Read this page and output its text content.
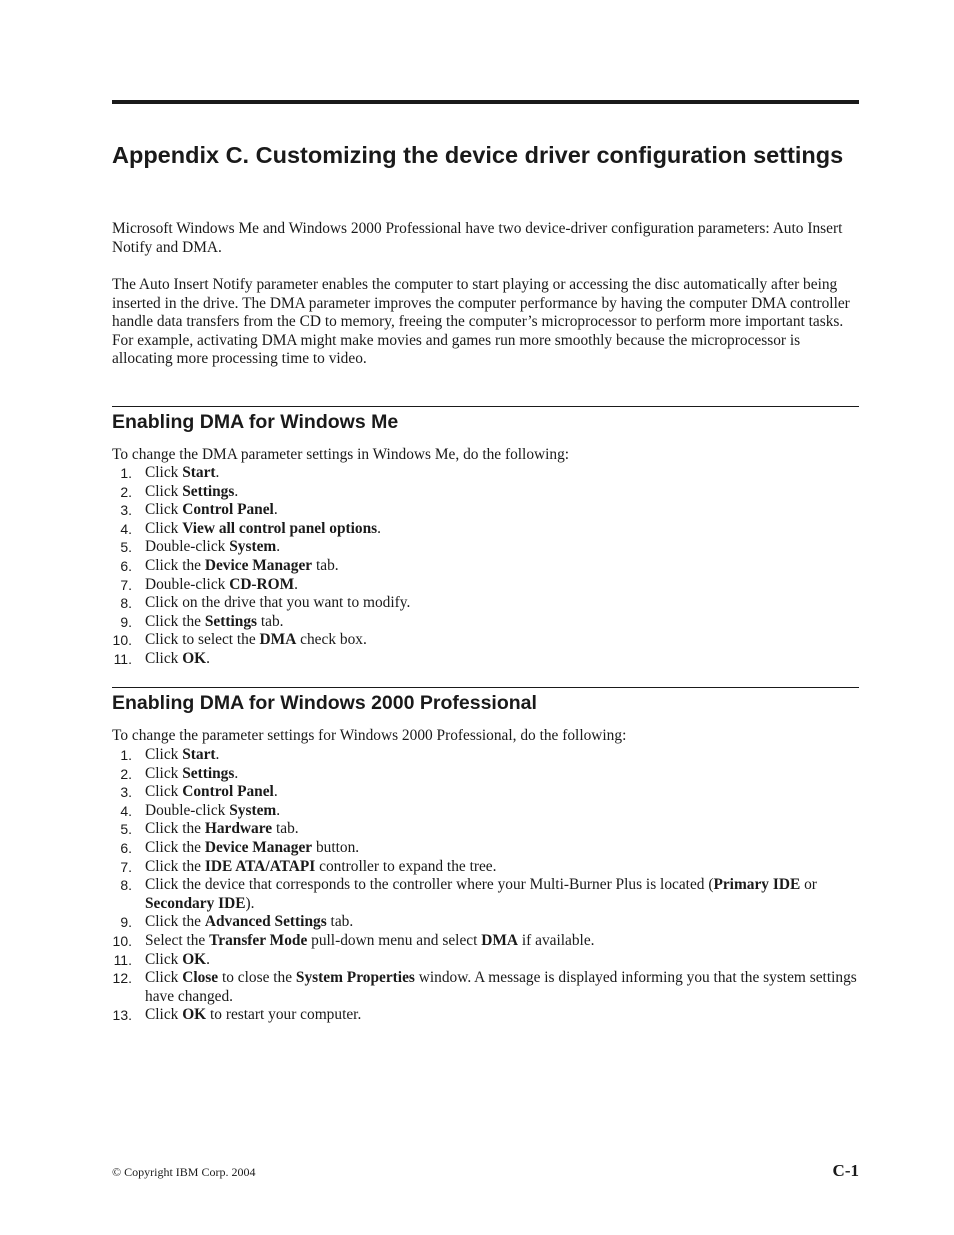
Appendix C. Customizing the device driver configuration settings

Microsoft Windows Me and Windows 2000 Professional have two device-driver configuration parameters: Auto Insert Notify and DMA.

The Auto Insert Notify parameter enables the computer to start playing or accessing the disc automatically after being inserted in the drive. The DMA parameter improves the computer performance by having the computer DMA controller handle data transfers from the CD to memory, freeing the computer’s microprocessor to perform more important tasks. For example, activating DMA might make movies and games run more smoothly because the microprocessor is allocating more processing time to video.

Enabling DMA for Windows Me

To change the DMA parameter settings in Windows Me, do the following:

1. Click Start.
2. Click Settings.
3. Click Control Panel.
4. Click View all control panel options.
5. Double-click System.
6. Click the Device Manager tab.
7. Double-click CD-ROM.
8. Click on the drive that you want to modify.
9. Click the Settings tab.
10. Click to select the DMA check box.
11. Click OK.
Enabling DMA for Windows 2000 Professional

To change the parameter settings for Windows 2000 Professional, do the following:

1. Click Start.
2. Click Settings.
3. Click Control Panel.
4. Double-click System.
5. Click the Hardware tab.
6. Click the Device Manager button.
7. Click the IDE ATA/ATAPI controller to expand the tree.
8. Click the device that corresponds to the controller where your Multi-Burner Plus is located (Primary IDE or Secondary IDE).
9. Click the Advanced Settings tab.
10. Select the Transfer Mode pull-down menu and select DMA if available.
11. Click OK.
12. Click Close to close the System Properties window. A message is displayed informing you that the system settings have changed.
13. Click OK to restart your computer.
© Copyright IBM Corp. 2004	C-1
